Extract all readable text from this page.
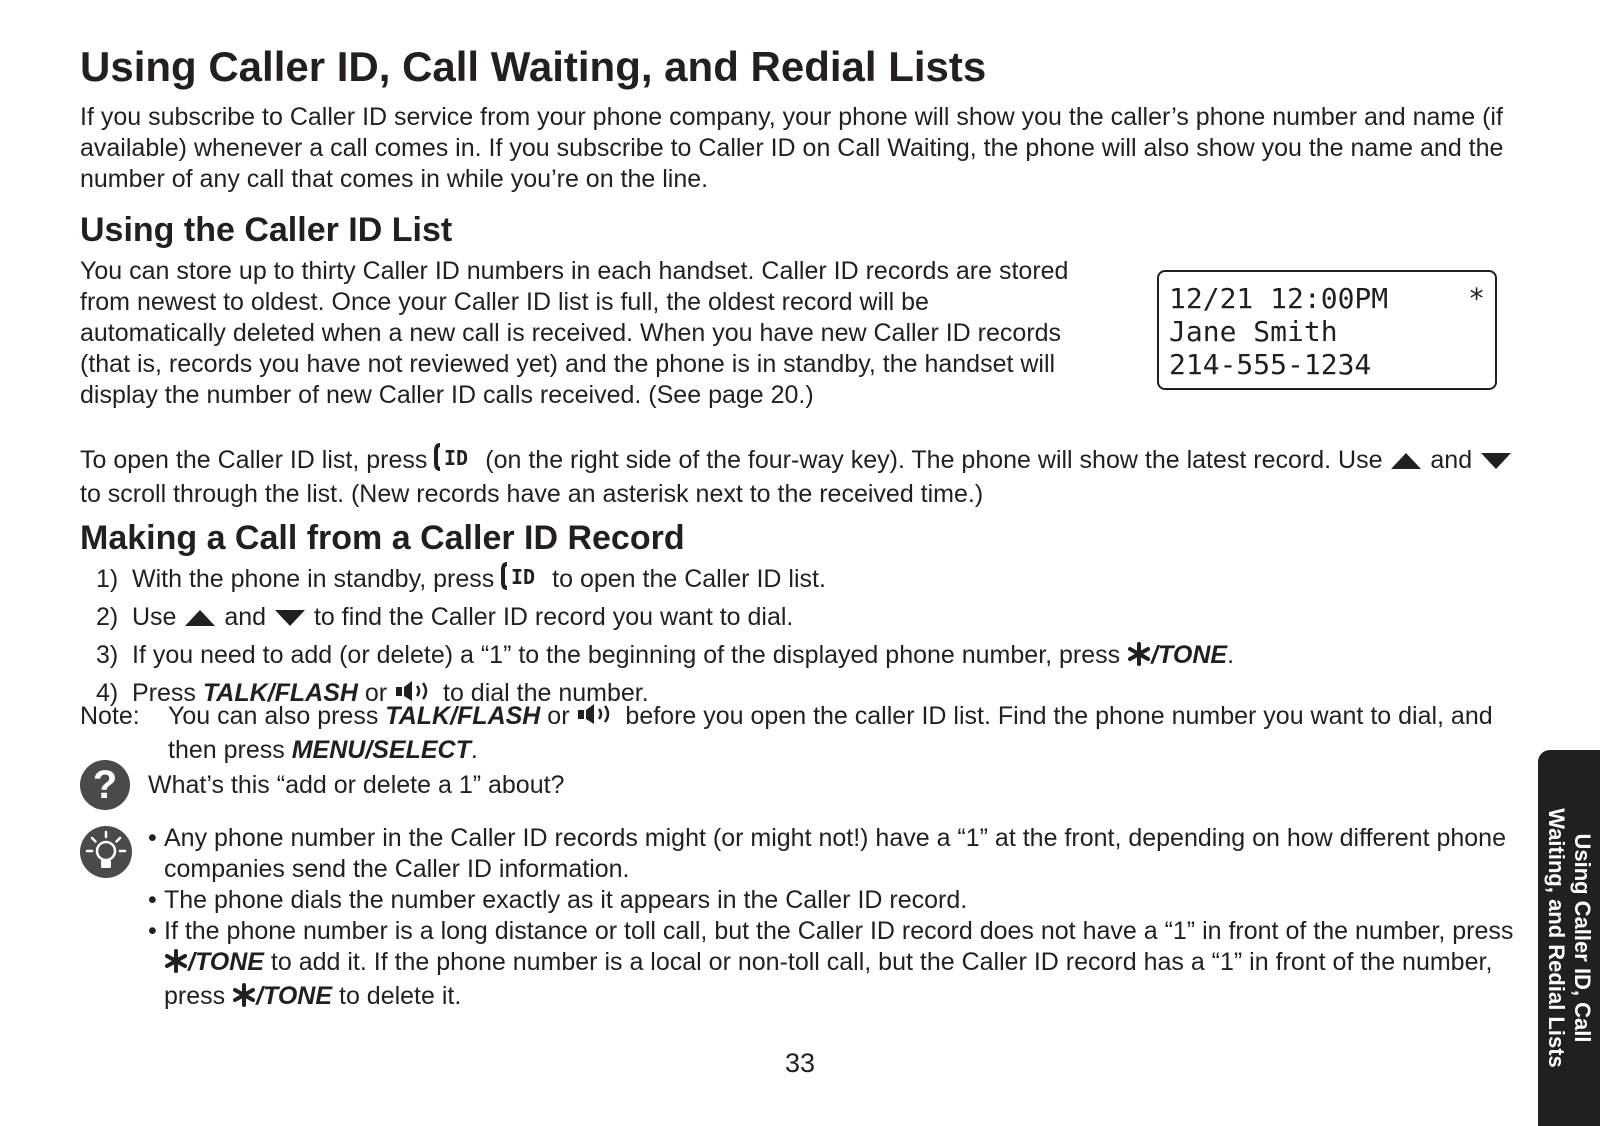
Using Caller ID, Call Waiting, and Redial Lists

If you subscribe to Caller ID service from your phone company, your phone will show you the caller’s phone number and name (if available) whenever a call comes in. If you subscribe to Caller ID on Call Waiting, the phone will also show you the name and the number of any call that comes in while you’re on the line.

Using the Caller ID List

You can store up to thirty Caller ID numbers in each handset. Caller ID records are stored from newest to oldest. Once your Caller ID list is full, the oldest record will be automatically deleted when a new call is received. When you have new Caller ID records (that is, records you have not reviewed yet) and the phone is in standby, the handset will display the number of new Caller ID calls received. (See page 20.)

12/21 12:00PM	*
Jane Smith
214-555-1234

To open the Caller ID list, press ID (on the right side of the four-way key). The phone will show the latest record. Use  and  to scroll through the list. (New records have an asterisk next to the received time.)

Making a Call from a Caller ID Record
1) With the phone in standby, press ID to open the Caller ID list.
2) Use  and  to find the Caller ID record you want to dial.
3) If you need to add (or delete) a “1” to the beginning of the displayed phone number, press /TONE.
4) Press TALK/FLASH or  to dial the number.
Note:	You can also press TALK/FLASH or  before you open the caller ID list. Find the phone number you want to dial, and then press MENU/SELECT.
?	What’s this “add or delete a 1” about?
• Any phone number in the Caller ID records might (or might not!) have a “1” at the front, depending on how different phone companies send the Caller ID information.
• The phone dials the number exactly as it appears in the Caller ID record.
• If the phone number is a long distance or toll call, but the Caller ID record does not have a “1” in front of the number, press /TONE to add it. If the phone number is a local or non-toll call, but the Caller ID record has a “1” in front of the number, press /TONE to delete it.
33
Using Caller ID, Call
Waiting, and Redial Lists
